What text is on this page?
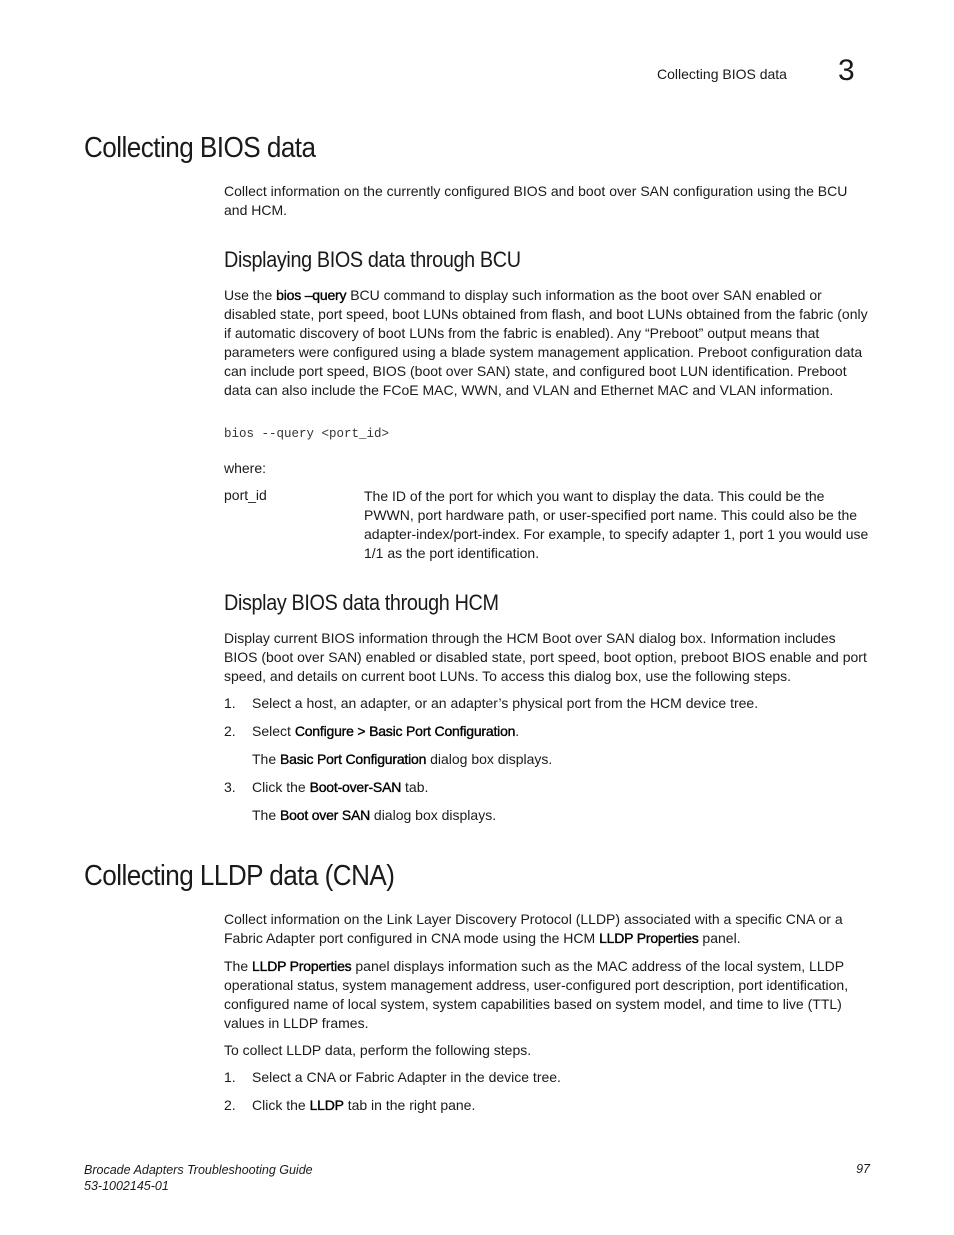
Collecting BIOS data 3
Collecting BIOS data

Collect information on the currently configured BIOS and boot over SAN configuration using the BCU and HCM.

Displaying BIOS data through BCU

Use the bios –query BCU command to display such information as the boot over SAN enabled or disabled state, port speed, boot LUNs obtained from flash, and boot LUNs obtained from the fabric (only if automatic discovery of boot LUNs from the fabric is enabled). Any “Preboot” output means that parameters were configured using a blade system management application. Preboot configuration data can include port speed, BIOS (boot over SAN) state, and configured boot LUN identification. Preboot data can also include the FCoE MAC, WWN, and VLAN and Ethernet MAC and VLAN information.

bios --query <port_id>
where:
port_id	The ID of the port for which you want to display the data. This could be the PWWN, port hardware path, or user-specified port name. This could also be the adapter-index/port-index. For example, to specify adapter 1, port 1 you would use 1/1 as the port identification.
Display BIOS data through HCM

Display current BIOS information through the HCM Boot over SAN dialog box. Information includes BIOS (boot over SAN) enabled or disabled state, port speed, boot option, preboot BIOS enable and port speed, and details on current boot LUNs. To access this dialog box, use the following steps.

1. Select a host, an adapter, or an adapter’s physical port from the HCM device tree.
2. Select Configure > Basic Port Configuration.
The Basic Port Configuration dialog box displays.
3. Click the Boot-over-SAN tab.
The Boot over SAN dialog box displays.
Collecting LLDP data (CNA)

Collect information on the Link Layer Discovery Protocol (LLDP) associated with a specific CNA or a Fabric Adapter port configured in CNA mode using the HCM LLDP Properties panel.

The LLDP Properties panel displays information such as the MAC address of the local system, LLDP operational status, system management address, user-configured port description, port identification, configured name of local system, system capabilities based on system model, and time to live (TTL) values in LLDP frames.

To collect LLDP data, perform the following steps.

1. Select a CNA or Fabric Adapter in the device tree.
2. Click the LLDP tab in the right pane.
Brocade Adapters Troubleshooting Guide
53-1002145-01
97
